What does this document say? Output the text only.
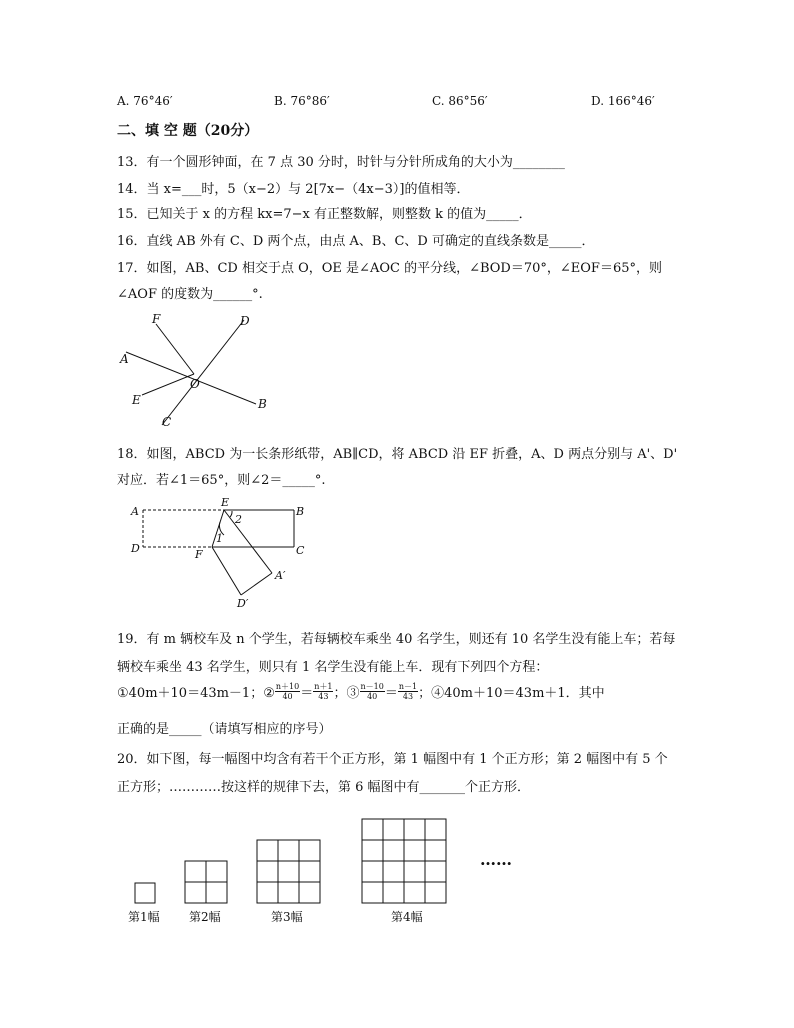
A. 76°46′	B. 76°86′	C. 86°56′	D. 166°46′
二、填 空 题（20分）
13．有一个圆形钟面，在 7 点 30 分时，时针与分针所成角的大小为________
14．当 x=___时，5（x−2）与 2[7x−（4x−3）]的值相等．
15．已知关于 x 的方程 kx=7−x 有正整数解，则整数 k 的值为_____．
16．直线 AB 外有 C、D 两个点，由点 A、B、C、D 可确定的直线条数是_____．
17．如图，AB、CD 相交于点 O，OE 是∠AOC 的平分线，∠BOD＝70°，∠EOF＝65°，则
∠AOF 的度数为______°.
F	D
A
O
E	B
C
18．如图，ABCD 为一长条形纸带，AB∥CD，将 ABCD 沿 EF 折叠，A、D 两点分别与 A'、D'
对应．若∠1＝65°，则∠2＝_____°.
A
E
B
2
1
D	C
F
A′
D′
19．有 m 辆校车及 n 个学生，若每辆校车乘坐 40 名学生，则还有 10 名学生没有能上车；若每
辆校车乘坐 43 名学生，则只有 1 名学生没有能上车．现有下列四个方程：
①40m＋10＝43m－1；② $\frac{n+10}{40} = \frac{n+1}{43}$ ；③ $\frac{n-10}{40} = \frac{n-1}{43}$ ；④40m＋10＝43m＋1．其中
正确的是_____（请填写相应的序号）
20．如下图，每一幅图中均含有若干个正方形，第 1 幅图中有 1 个正方形；第 2 幅图中有 5 个
正方形；…………按这样的规律下去，第 6 幅图中有_______个正方形．
第1幅 第2幅	第3幅	第4幅
……
